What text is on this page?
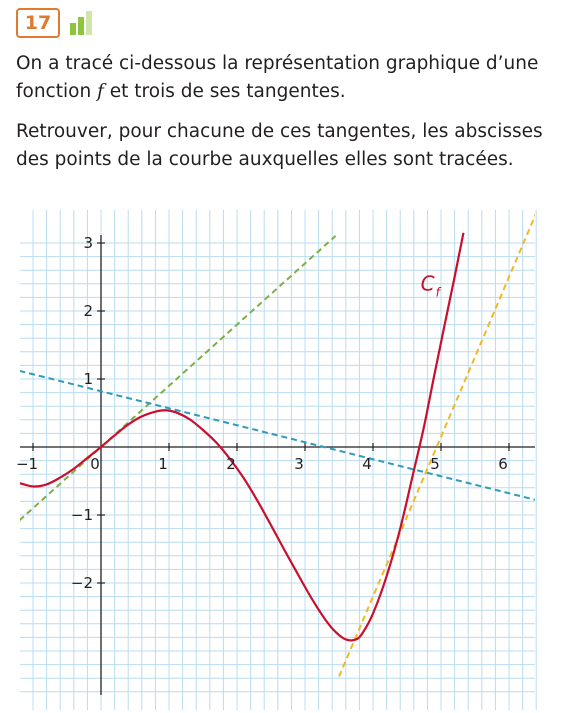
17

On a tracé ci-dessous la représentation graphique d’une fonction f et trois de ses tangentes.

Retrouver, pour chacune de ces tangentes, les abscisses des points de la courbe auxquelles elles sont tracées.

−1	0	1	2	3	4	5	6
−2
−1
1
2
3
C f
